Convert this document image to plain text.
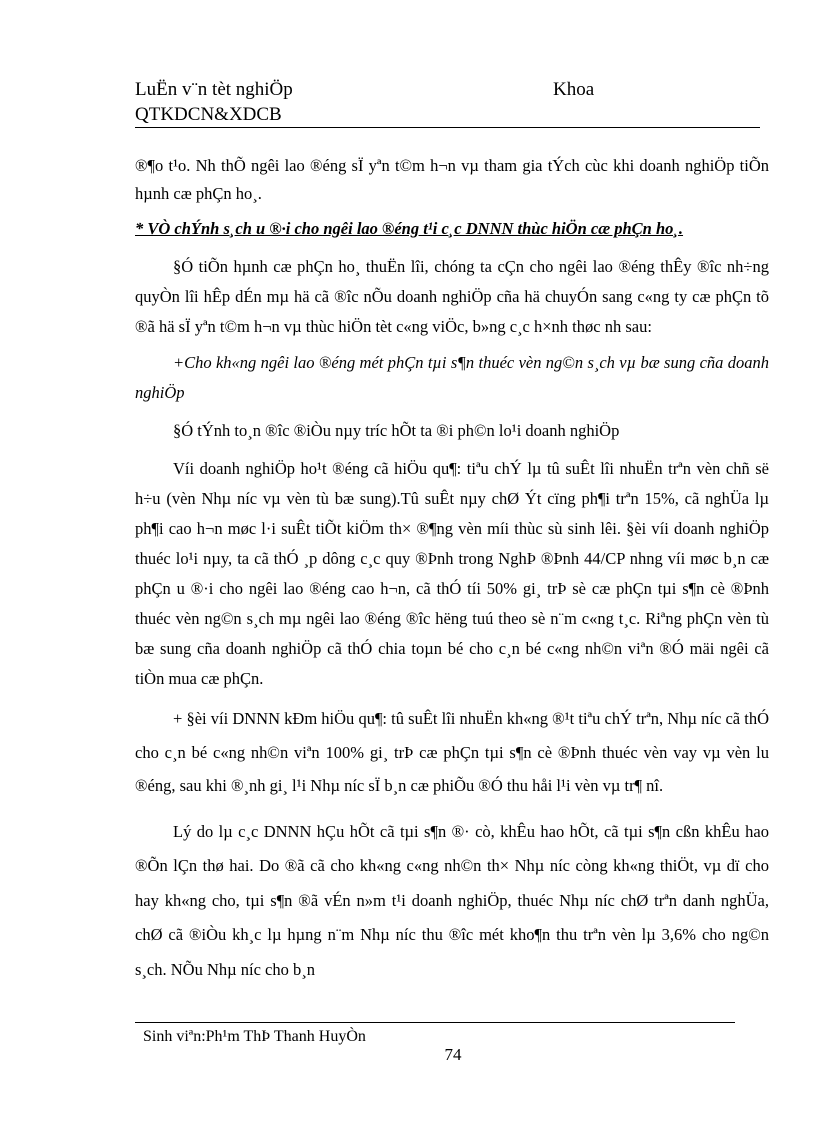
LuËn v¨n tèt nghiÖp	Khoa
QTKDCN&XDCB

®¶o t¹o. Nh thÕ ngêi lao ®éng sÏ yªn t©m h¬n vµ tham gia tÝch cùc khi doanh nghiÖp tiÕn hµnh cæ phÇn ho¸.

* VÒ chÝnh s¸ch u ®·i cho ngêi lao ®éng t¹i c¸c DNNN thùc hiÖn cæ phÇn ho¸.

§Ó tiÕn hµnh cæ phÇn ho¸ thuËn lîi, chóng ta cÇn cho ngêi lao ®éng thÊy ®îc nh÷ng quyÒn lîi hÊp dÉn mµ hä cã ®îc nÕu doanh nghiÖp cña hä chuyÓn sang c«ng ty cæ phÇn tõ ®ã hä sÏ yªn t©m h¬n vµ thùc hiÖn tèt c«ng viÖc, b»ng c¸c h×nh thøc nh sau:

+Cho kh«ng ngêi lao ®éng mét phÇn tµi s¶n thuéc vèn ng©n s¸ch vµ bæ sung cña doanh nghiÖp

§Ó tÝnh to¸n ®îc ®iÒu nµy tríc hÕt ta ®i ph©n lo¹i doanh nghiÖp

Víi doanh nghiÖp ho¹t ®éng cã hiÖu qu¶: tiªu chÝ lµ tû suÊt lîi nhuËn trªn vèn chñ së h÷u (vèn Nhµ níc vµ vèn tù bæ sung).Tû suÊt nµy chØ Ýt cïng ph¶i trªn 15%, cã nghÜa lµ ph¶i cao h¬n møc l·i suÊt tiÕt kiÖm th× ®¶ng vèn míi thùc sù sinh lêi. §èi víi doanh nghiÖp thuéc lo¹i nµy, ta cã thÓ ¸p dông c¸c quy ®Þnh trong NghÞ ®Þnh 44/CP nhng víi møc b¸n cæ phÇn u ®·i cho ngêi lao ®éng cao h¬n, cã thÓ tíi 50% gi¸ trÞ sè cæ phÇn tµi s¶n cè ®Þnh thuéc vèn ng©n s¸ch mµ ngêi lao ®éng ®îc hëng tuú theo sè n¨m c«ng t¸c. Riªng phÇn vèn tù bæ sung cña doanh nghiÖp cã thÓ chia toµn bé cho c¸n bé c«ng nh©n viªn ®Ó mäi ngêi cã tiÒn mua cæ phÇn.

+ §èi víi DNNN kÐm hiÖu qu¶: tû suÊt lîi nhuËn kh«ng ®¹t tiªu chÝ trªn, Nhµ níc cã thÓ cho c¸n bé c«ng nh©n viªn 100% gi¸ trÞ cæ phÇn tµi s¶n cè ®Þnh thuéc vèn vay vµ vèn lu ®éng, sau khi ®¸nh gi¸ l¹i Nhµ níc sÏ b¸n cæ phiÕu ®Ó thu håi l¹i vèn vµ tr¶ nî.

Lý do lµ c¸c DNNN hÇu hÕt cã tµi s¶n ®· cò, khÊu hao hÕt, cã tµi s¶n cßn khÊu hao ®Õn lÇn thø hai. Do ®ã cã cho kh«ng c«ng nh©n th× Nhµ níc còng kh«ng thiÖt, vµ dï cho hay kh«ng cho, tµi s¶n ®ã vÉn n»m t¹i doanh nghiÖp, thuéc Nhµ níc chØ trªn danh nghÜa, chØ cã ®iÒu kh¸c lµ hµng n¨m Nhµ níc thu ®îc mét kho¶n thu trªn vèn lµ 3,6% cho ng©n s¸ch. NÕu Nhµ níc cho b¸n

Sinh viªn:Ph¹m ThÞ Thanh HuyÒn
74
